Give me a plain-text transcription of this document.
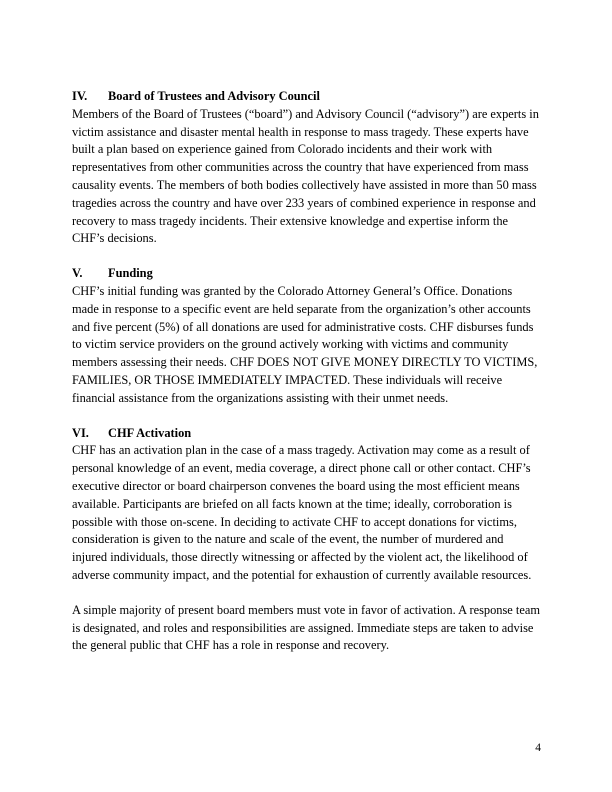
IV. Board of Trustees and Advisory Council

Members of the Board of Trustees (“board”) and Advisory Council (“advisory”) are experts in victim assistance and disaster mental health in response to mass tragedy. These experts have built a plan based on experience gained from Colorado incidents and their work with representatives from other communities across the country that have experienced from mass causality events. The members of both bodies collectively have assisted in more than 50 mass tragedies across the country and have over 233 years of combined experience in response and recovery to mass tragedy incidents. Their extensive knowledge and expertise inform the CHF’s decisions.

V. Funding

CHF’s initial funding was granted by the Colorado Attorney General’s Office. Donations made in response to a specific event are held separate from the organization’s other accounts and five percent (5%) of all donations are used for administrative costs. CHF disburses funds to victim service providers on the ground actively working with victims and community members assessing their needs. CHF DOES NOT GIVE MONEY DIRECTLY TO VICTIMS, FAMILIES, OR THOSE IMMEDIATELY IMPACTED. These individuals will receive financial assistance from the organizations assisting with their unmet needs.

VI. CHF Activation

CHF has an activation plan in the case of a mass tragedy. Activation may come as a result of personal knowledge of an event, media coverage, a direct phone call or other contact. CHF’s executive director or board chairperson convenes the board using the most efficient means available. Participants are briefed on all facts known at the time; ideally, corroboration is possible with those on-scene. In deciding to activate CHF to accept donations for victims, consideration is given to the nature and scale of the event, the number of murdered and injured individuals, those directly witnessing or affected by the violent act, the likelihood of adverse community impact, and the potential for exhaustion of currently available resources.

A simple majority of present board members must vote in favor of activation. A response team is designated, and roles and responsibilities are assigned. Immediate steps are taken to advise the general public that CHF has a role in response and recovery.

4
